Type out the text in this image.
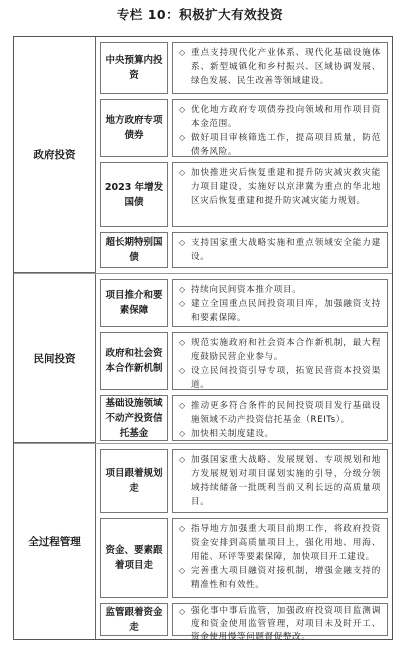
专栏 10：积极扩大有效投资
政府投资
中央预算内投资
◇ 重点支持现代化产业体系、现代化基础设施体系、新型城镇化和乡村振兴、区域协调发展、绿色发展、民生改善等领域建设。
地方政府专项债券
◇ 优化地方政府专项债券投向领域和用作项目资本金范围。
◇ 做好项目审核筛选工作，提高项目质量，防范债务风险。
2023 年增发国债
◇ 加快推进灾后恢复重建和提升防灾减灾救灾能力项目建设，实施好以京津冀为重点的华北地区灾后恢复重建和提升防灾减灾能力规划。
超长期特别国债
◇ 支持国家重大战略实施和重点领域安全能力建设。
民间投资
项目推介和要素保障
◇ 持续向民间资本推介项目。
◇ 建立全国重点民间投资项目库，加强融资支持和要素保障。
政府和社会资本合作新机制
◇ 规范实施政府和社会资本合作新机制，最大程度鼓励民营企业参与。
◇ 设立民间投资引导专项，拓宽民营资本投资渠道。
基础设施领域不动产投资信托基金
◇ 推动更多符合条件的民间投资项目发行基础设施领域不动产投资信托基金（REITs）。
◇ 加快相关制度建设。
全过程管理
项目跟着规划走
◇ 加强国家重大战略、发展规划、专项规划和地方发展规划对项目谋划实施的引导，分级分领域持续储备一批既利当前又利长远的高质量项目。
资金、要素跟着项目走
◇ 指导地方加强重大项目前期工作，将政府投资资金安排到高质量项目上，强化用地、用海、用能、环评等要素保障，加快项目开工建设。
◇ 完善重大项目融资对接机制，增强金融支持的精准性和有效性。
监管跟着资金走
◇ 强化事中事后监管，加强政府投资项目监测调度和资金使用监管管理，对项目未及时开工、资金使用慢等问题督促整改。
